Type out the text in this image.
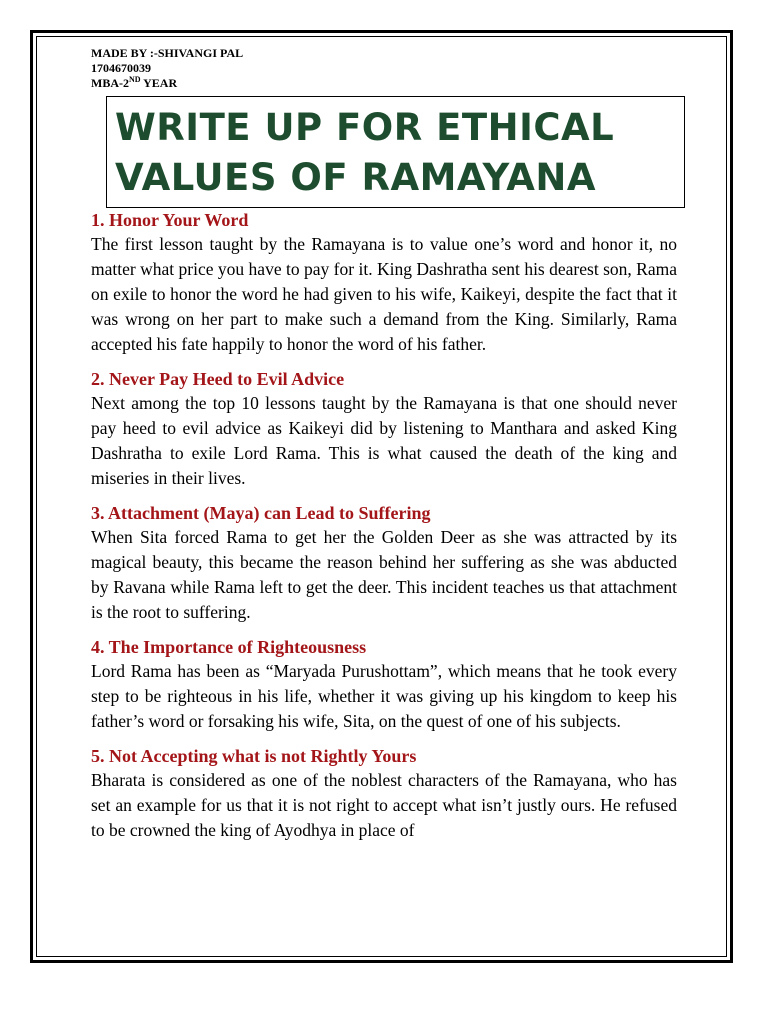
MADE BY :-SHIVANGI PAL
1704670039
MBA-2ND YEAR
WRITE UP FOR ETHICAL
VALUES OF RAMAYANA

1. Honor Your Word

The first lesson taught by the Ramayana is to value one’s word and honor it, no matter what price you have to pay for it. King Dashratha sent his dearest son, Rama on exile to honor the word he had given to his wife, Kaikeyi, despite the fact that it was wrong on her part to make such a demand from the King. Similarly, Rama accepted his fate happily to honor the word of his father.

2. Never Pay Heed to Evil Advice

Next among the top 10 lessons taught by the Ramayana is that one should never pay heed to evil advice as Kaikeyi did by listening to Manthara and asked King Dashratha to exile Lord Rama. This is what caused the death of the king and miseries in their lives.

3. Attachment (Maya) can Lead to Suffering

When Sita forced Rama to get her the Golden Deer as she was attracted by its magical beauty, this became the reason behind her suffering as she was abducted by Ravana while Rama left to get the deer. This incident teaches us that attachment is the root to suffering.

4. The Importance of Righteousness

Lord Rama has been as “Maryada Purushottam”, which means that he took every step to be righteous in his life, whether it was giving up his kingdom to keep his father’s word or forsaking his wife, Sita, on the quest of one of his subjects.

5. Not Accepting what is not Rightly Yours

Bharata is considered as one of the noblest characters of the Ramayana, who has set an example for us that it is not right to accept what isn’t justly ours. He refused to be crowned the king of Ayodhya in place of
